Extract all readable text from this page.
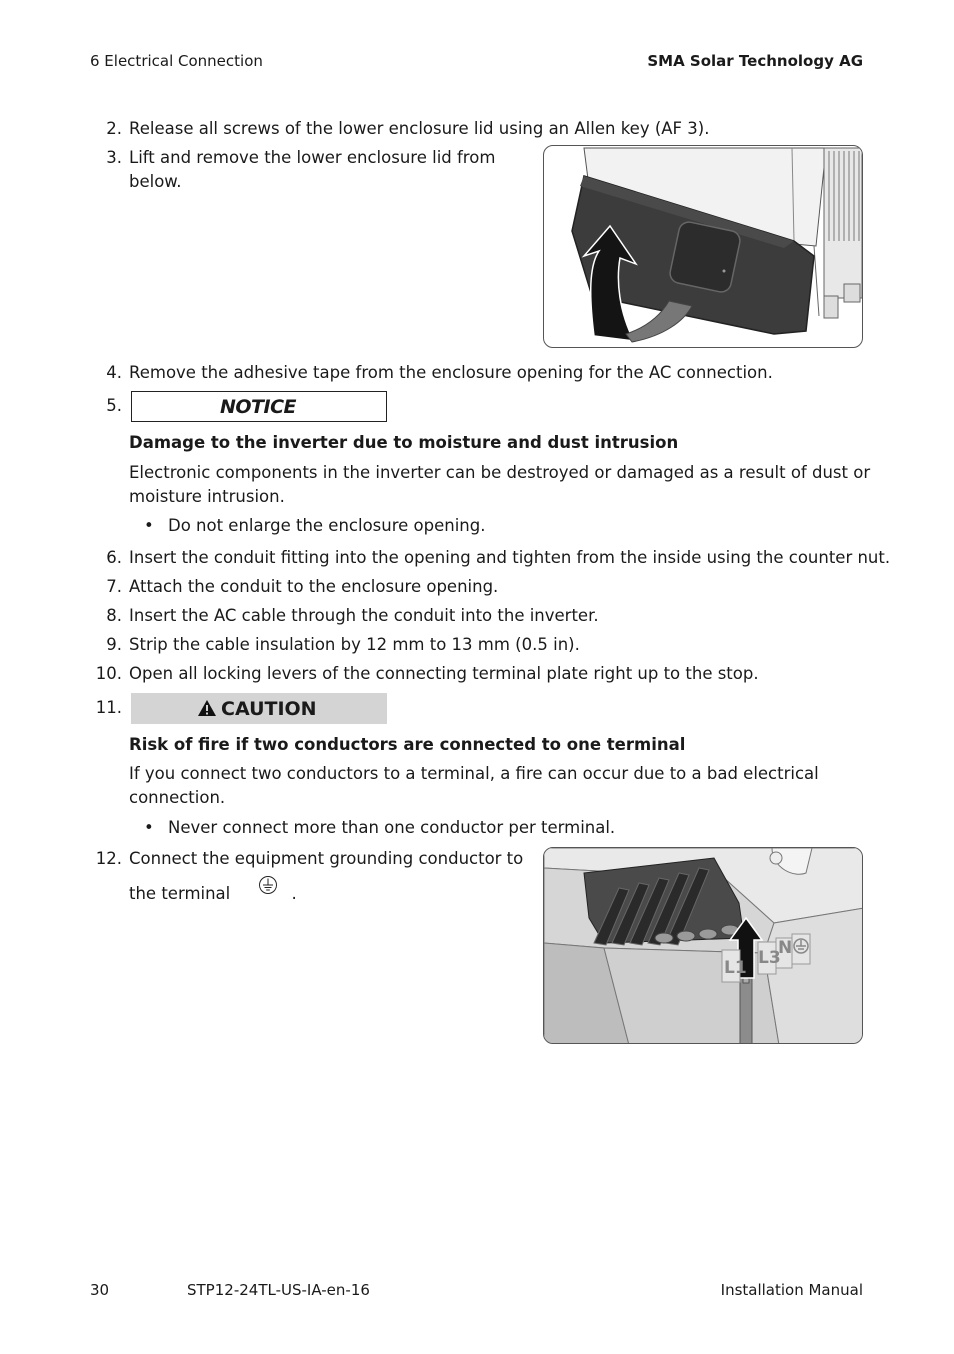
6 Electrical Connection	SMA Solar Technology AG
2. Release all screws of the lower enclosure lid using an Allen key (AF 3).
3. Lift and remove the lower enclosure lid from
below.
4. Remove the adhesive tape from the enclosure opening for the AC connection.
5.	NOTICE
Damage to the inverter due to moisture and dust intrusion
Electronic components in the inverter can be destroyed or damaged as a result of dust or
moisture intrusion.
• Do not enlarge the enclosure opening.
6. Insert the conduit fitting into the opening and tighten from the inside using the counter nut.
7. Attach the conduit to the enclosure opening.
8. Insert the AC cable through the conduit into the inverter.
9. Strip the cable insulation by 12 mm to 13 mm (0.5 in).
10. Open all locking levers of the connecting terminal plate right up to the stop.
11.	CAUTION
Risk of fire if two conductors are connected to one terminal
If you connect two conductors to a terminal, a fire can occur due to a bad electrical
connection.
• Never connect more than one conductor per terminal.
12. Connect the equipment grounding conductor to
the terminal	.
L1 L3
N
30	STP12-24TL-US-IA-en-16	Installation Manual
